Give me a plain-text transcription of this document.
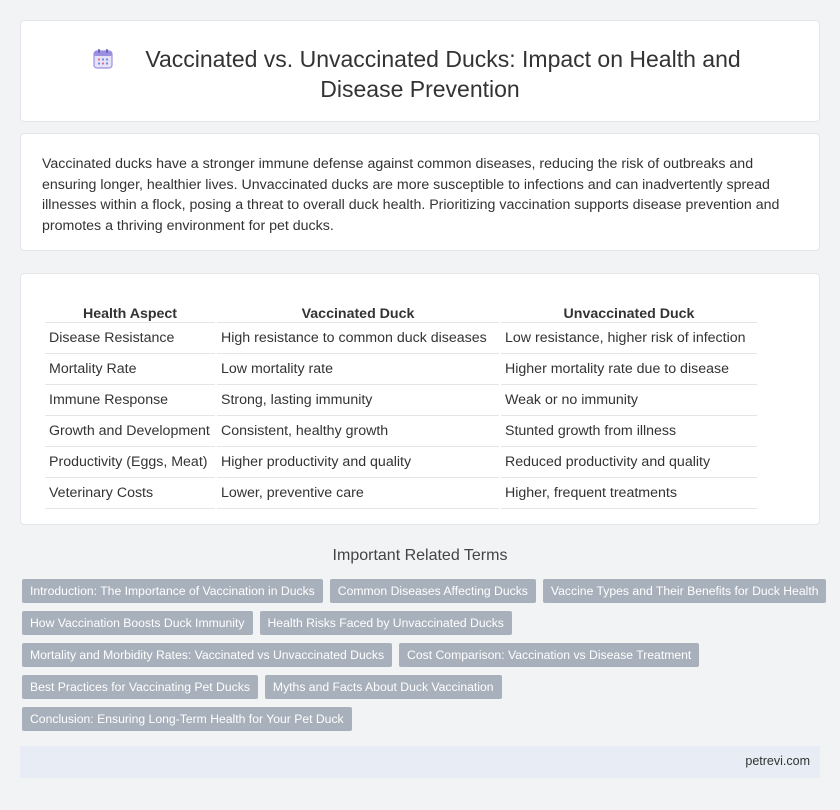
Vaccinated vs. Unvaccinated Ducks: Impact on Health and
Disease Prevention

Vaccinated ducks have a stronger immune defense against common diseases, reducing the risk of outbreaks and ensuring longer, healthier lives. Unvaccinated ducks are more susceptible to infections and can inadvertently spread illnesses within a flock, posing a threat to overall duck health. Prioritizing vaccination supports disease prevention and promotes a thriving environment for pet ducks.

Health Aspect	Vaccinated Duck	Unvaccinated Duck
Disease Resistance	High resistance to common duck diseases	Low resistance, higher risk of infection
Mortality Rate	Low mortality rate	Higher mortality rate due to disease
Immune Response	Strong, lasting immunity	Weak or no immunity
Growth and Development	Consistent, healthy growth	Stunted growth from illness
Productivity (Eggs, Meat)	Higher productivity and quality	Reduced productivity and quality
Veterinary Costs	Lower, preventive care	Higher, frequent treatments
Important Related Terms
Introduction: The Importance of Vaccination in Ducks	Common Diseases Affecting Ducks	Vaccine Types and Their Benefits for Duck Health
How Vaccination Boosts Duck Immunity	Health Risks Faced by Unvaccinated Ducks
Mortality and Morbidity Rates: Vaccinated vs Unvaccinated Ducks	Cost Comparison: Vaccination vs Disease Treatment
Best Practices for Vaccinating Pet Ducks	Myths and Facts About Duck Vaccination
Conclusion: Ensuring Long-Term Health for Your Pet Duck
petrevi.com
